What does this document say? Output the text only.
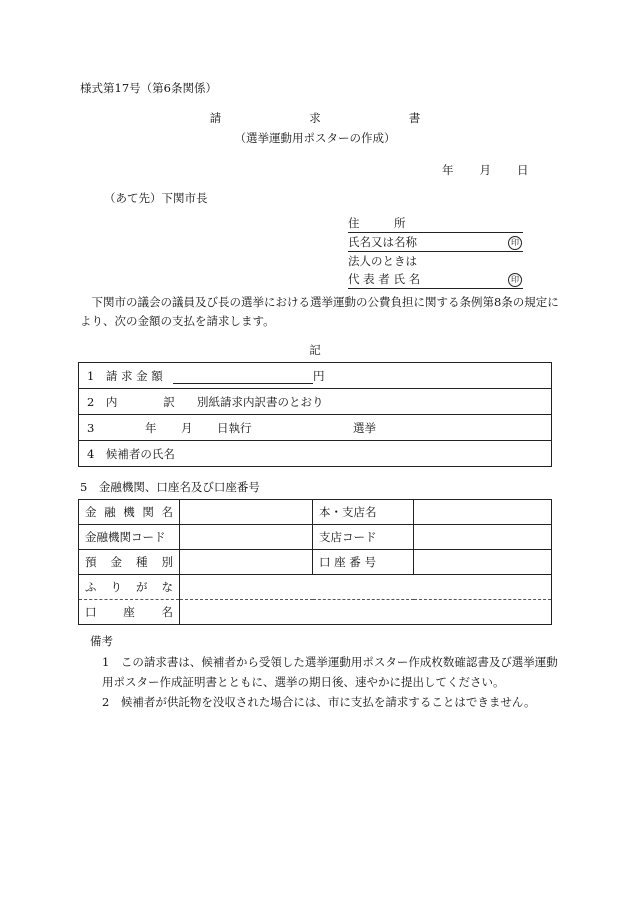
様式第17号（第6条関係）
請	求	書
（選挙運動用ポスターの作成）
年 月 日
（あて先）下関市長
住　　　所
氏名又は名称	印
法人のときは
代 表 者 氏 名	印
　下関市の議会の議員及び長の選挙における選挙運動の公費負担に関する条例第8条の規定により、次の金額の支払を請求します。
記
1　請 求 金 額	円
2　内　　　　訳 別紙請求内訳書のとおり
3	年 月 日執行	選挙
4　候補者の氏名
5　金融機関、口座名及び口座番号
金 融 機 関 名		本・支店名	
金融機関コード		支店コード	

預 金 種 別		口 座 番 号	

ふ り が な			

口 座 名			

備考
1　この請求書は、候補者から受領した選挙運動用ポスター作成枚数確認書及び選挙運動用ポスター作成証明書とともに、選挙の期日後、速やかに提出してください。
2　候補者が供託物を没収された場合には、市に支払を請求することはできません。
